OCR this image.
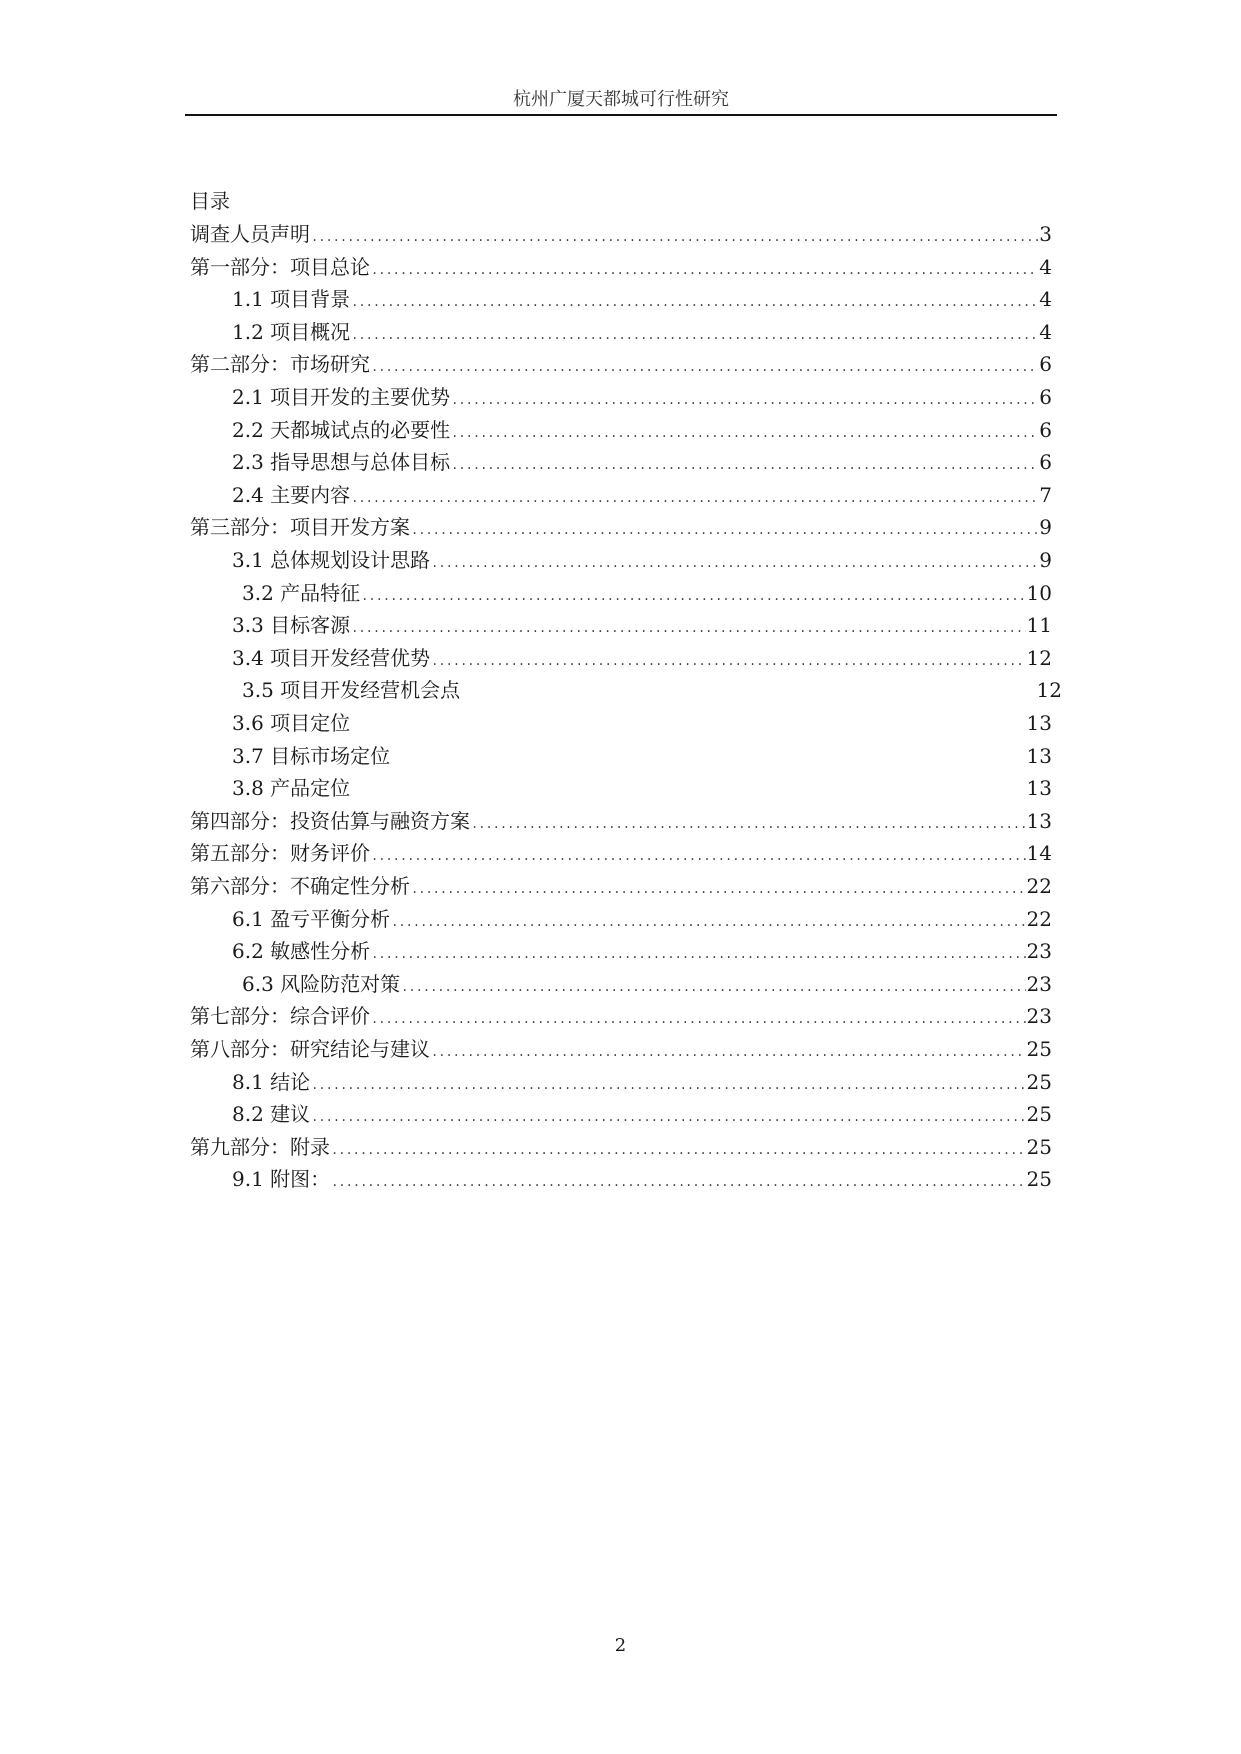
杭州广厦天都城可行性研究
目录
调查人员声明 .....	3
第一部分：项目总论 .....	4
1.1 项目背景 .....	4
1.2 项目概况 .....	4
第二部分：市场研究 .....	6
2.1 项目开发的主要优势 .....	6
2.2 天都城试点的必要性 .....	6
2.3 指导思想与总体目标 .....	6
2.4 主要内容 .....	7
第三部分：项目开发方案 .....	9
3.1 总体规划设计思路 .....	9
3.2 产品特征 .....	10
3.3 目标客源 .....	11
3.4 项目开发经营优势 .....	12
3.5 项目开发经营机会点	12
3.6 项目定位	13
3.7 目标市场定位	13
3.8 产品定位	13
第四部分：投资估算与融资方案 .....	13
第五部分：财务评价 .....	14
第六部分：不确定性分析 .....	22
6.1 盈亏平衡分析 .....	22
6.2 敏感性分析 .....	23
6.3 风险防范对策 .....	23
第七部分：综合评价 .....	23
第八部分：研究结论与建议 .....	25
8.1 结论 .....	25
8.2 建议 .....	25
第九部分：附录 .....	25
9.1 附图： .....	25
2
